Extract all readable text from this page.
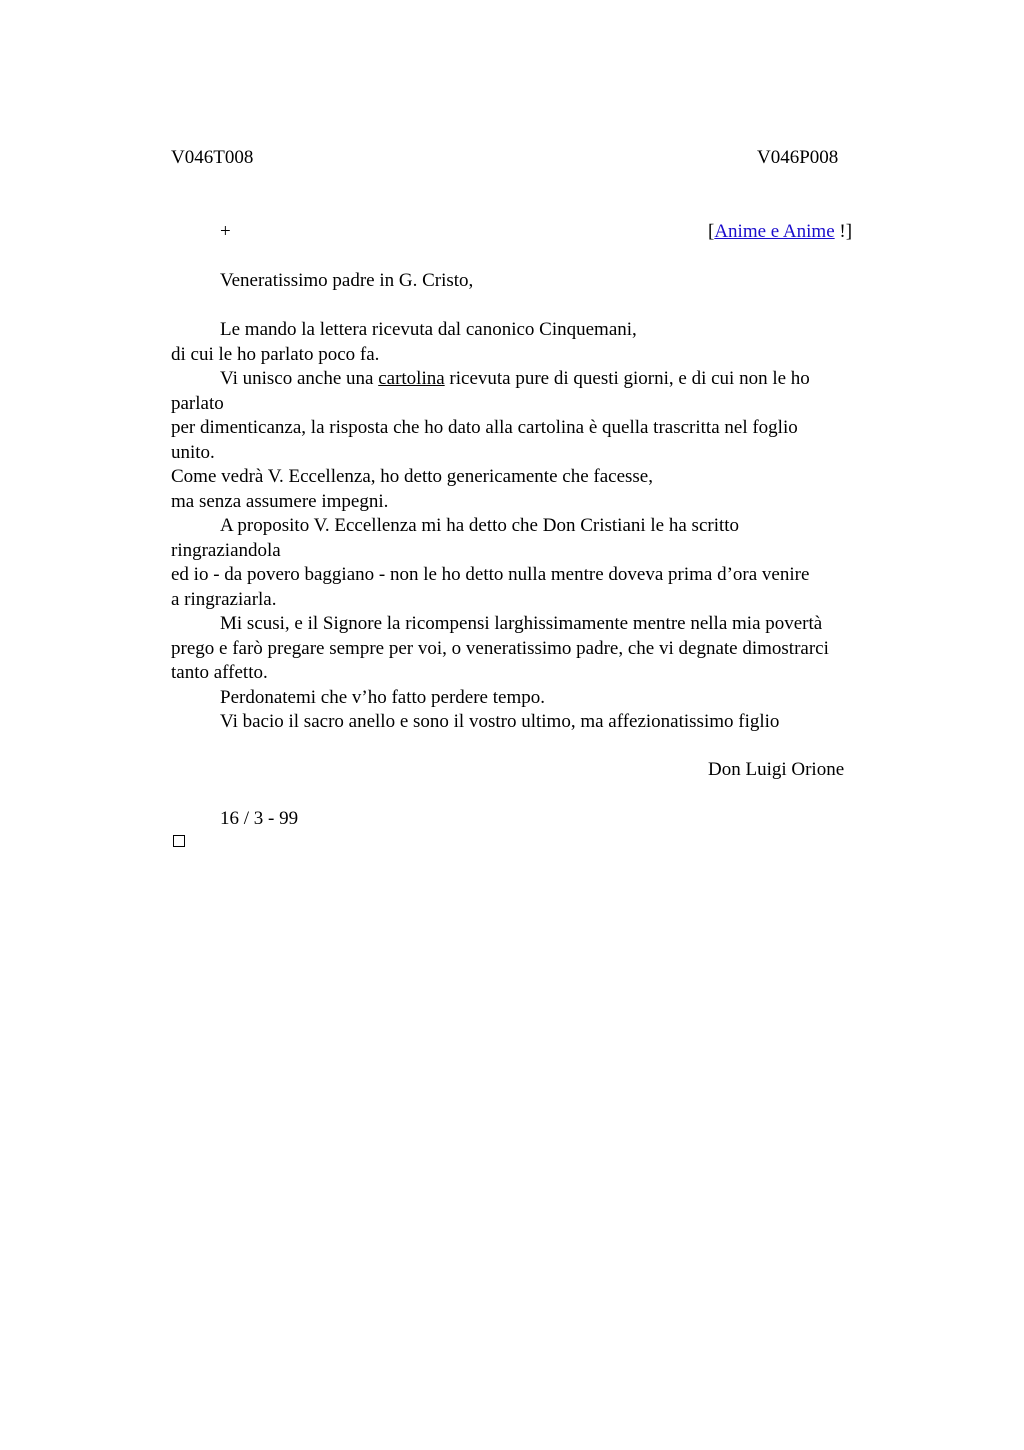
V046T008	V046P008
+	[Anime e Anime !]
Veneratissimo padre in G. Cristo,
Le mando la lettera ricevuta dal canonico Cinquemani,
di cui le ho parlato poco fa.
Vi unisco anche una cartolina ricevuta pure di questi giorni, e di cui non le ho
parlato
per dimenticanza, la risposta che ho dato alla cartolina è quella trascritta nel foglio
unito.
Come vedrà V. Eccellenza, ho detto genericamente che facesse,
ma senza assumere impegni.
A proposito V. Eccellenza mi ha detto che Don Cristiani le ha scritto
ringraziandola
ed io - da povero baggiano - non le ho detto nulla mentre doveva prima d’ora venire
a ringraziarla.
Mi scusi, e il Signore la ricompensi larghissimamente mentre nella mia povertà
prego e farò pregare sempre per voi, o veneratissimo padre, che vi degnate dimostrarci
tanto affetto.
Perdonatemi che v’ho fatto perdere tempo.
Vi bacio il sacro anello e sono il vostro ultimo, ma affezionatissimo figlio
Don Luigi Orione
16 / 3 - 99
